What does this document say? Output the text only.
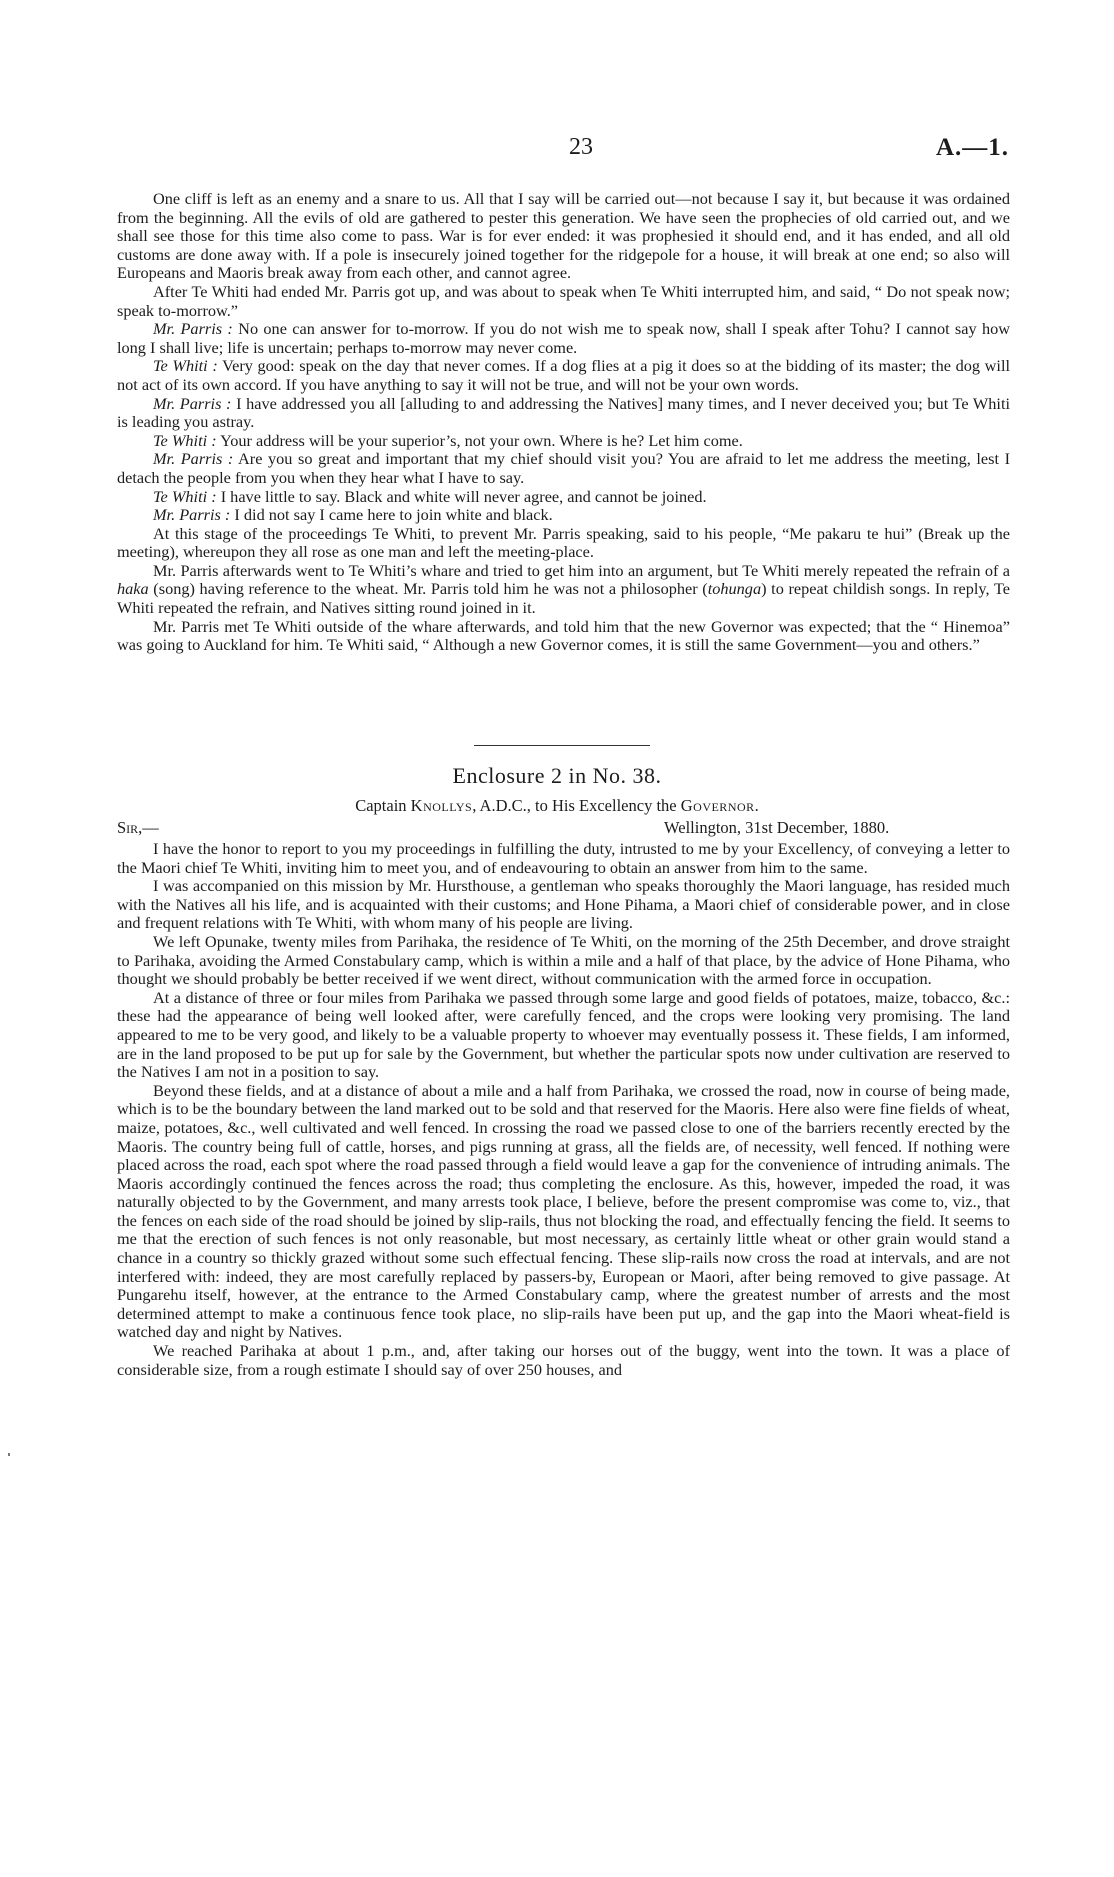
23	A.—1.

One cliff is left as an enemy and a snare to us. All that I say will be carried out—not because I say it, but because it was ordained from the beginning. All the evils of old are gathered to pester this generation. We have seen the prophecies of old carried out, and we shall see those for this time also come to pass. War is for ever ended: it was prophesied it should end, and it has ended, and all old customs are done away with. If a pole is insecurely joined together for the ridgepole for a house, it will break at one end; so also will Europeans and Maoris break away from each other, and cannot agree.

After Te Whiti had ended Mr. Parris got up, and was about to speak when Te Whiti interrupted him, and said, “ Do not speak now; speak to-morrow.”

Mr. Parris : No one can answer for to-morrow. If you do not wish me to speak now, shall I speak after Tohu? I cannot say how long I shall live; life is uncertain; perhaps to-morrow may never come.

Te Whiti : Very good: speak on the day that never comes. If a dog flies at a pig it does so at the bidding of its master; the dog will not act of its own accord. If you have anything to say it will not be true, and will not be your own words.

Mr. Parris : I have addressed you all [alluding to and addressing the Natives] many times, and I never deceived you; but Te Whiti is leading you astray.

Te Whiti : Your address will be your superior’s, not your own. Where is he? Let him come.

Mr. Parris : Are you so great and important that my chief should visit you? You are afraid to let me address the meeting, lest I detach the people from you when they hear what I have to say.

Te Whiti : I have little to say. Black and white will never agree, and cannot be joined.

Mr. Parris : I did not say I came here to join white and black.

At this stage of the proceedings Te Whiti, to prevent Mr. Parris speaking, said to his people, “Me pakaru te hui” (Break up the meeting), whereupon they all rose as one man and left the meeting-place.

Mr. Parris afterwards went to Te Whiti’s whare and tried to get him into an argument, but Te Whiti merely repeated the refrain of a haka (song) having reference to the wheat. Mr. Parris told him he was not a philosopher (tohunga) to repeat childish songs. In reply, Te Whiti repeated the refrain, and Natives sitting round joined in it.

Mr. Parris met Te Whiti outside of the whare afterwards, and told him that the new Governor was expected; that the “ Hinemoa” was going to Auckland for him. Te Whiti said, “ Although a new Governor comes, it is still the same Government—you and others.”

Enclosure 2 in No. 38.
Captain Knollys, A.D.C., to His Excellency the Governor.
Sir,—	Wellington, 31st December, 1880.

I have the honor to report to you my proceedings in fulfilling the duty, intrusted to me by your Excellency, of conveying a letter to the Maori chief Te Whiti, inviting him to meet you, and of endeavouring to obtain an answer from him to the same.

I was accompanied on this mission by Mr. Hursthouse, a gentleman who speaks thoroughly the Maori language, has resided much with the Natives all his life, and is acquainted with their customs; and Hone Pihama, a Maori chief of considerable power, and in close and frequent relations with Te Whiti, with whom many of his people are living.

We left Opunake, twenty miles from Parihaka, the residence of Te Whiti, on the morning of the 25th December, and drove straight to Parihaka, avoiding the Armed Constabulary camp, which is within a mile and a half of that place, by the advice of Hone Pihama, who thought we should probably be better received if we went direct, without communication with the armed force in occupation.

At a distance of three or four miles from Parihaka we passed through some large and good fields of potatoes, maize, tobacco, &c.: these had the appearance of being well looked after, were carefully fenced, and the crops were looking very promising. The land appeared to me to be very good, and likely to be a valuable property to whoever may eventually possess it. These fields, I am informed, are in the land proposed to be put up for sale by the Government, but whether the particular spots now under cultivation are reserved to the Natives I am not in a position to say.

Beyond these fields, and at a distance of about a mile and a half from Parihaka, we crossed the road, now in course of being made, which is to be the boundary between the land marked out to be sold and that reserved for the Maoris. Here also were fine fields of wheat, maize, potatoes, &c., well cultivated and well fenced. In crossing the road we passed close to one of the barriers recently erected by the Maoris. The country being full of cattle, horses, and pigs running at grass, all the fields are, of necessity, well fenced. If nothing were placed across the road, each spot where the road passed through a field would leave a gap for the convenience of intruding animals. The Maoris accordingly continued the fences across the road; thus completing the enclosure. As this, however, impeded the road, it was naturally objected to by the Government, and many arrests took place, I believe, before the present compromise was come to, viz., that the fences on each side of the road should be joined by slip-rails, thus not blocking the road, and effectually fencing the field. It seems to me that the erection of such fences is not only reasonable, but most necessary, as certainly little wheat or other grain would stand a chance in a country so thickly grazed without some such effectual fencing. These slip-rails now cross the road at intervals, and are not interfered with: indeed, they are most carefully replaced by passers-by, European or Maori, after being removed to give passage. At Pungarehu itself, however, at the entrance to the Armed Constabulary camp, where the greatest number of arrests and the most determined attempt to make a continuous fence took place, no slip-rails have been put up, and the gap into the Maori wheat-field is watched day and night by Natives.

We reached Parihaka at about 1 p.m., and, after taking our horses out of the buggy, went into the town. It was a place of considerable size, from a rough estimate I should say of over 250 houses, and
